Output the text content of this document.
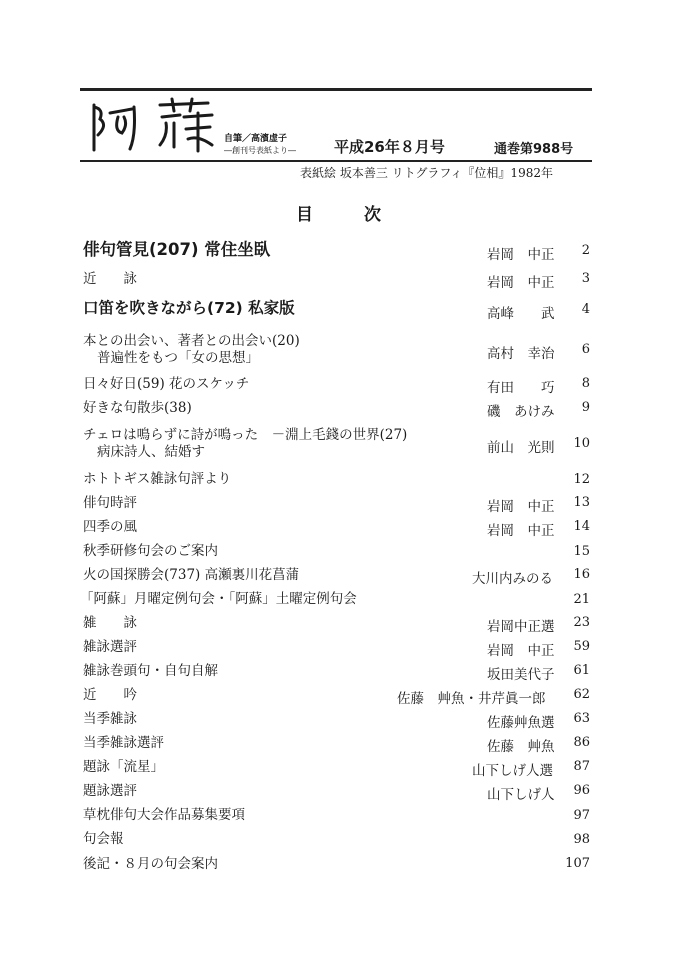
自筆／高濱虚子
―創刊号表紙より―	平成26年８月号	通巻第988号
表紙絵 坂本善三 リトグラフィ『位相』1982年
目　　　次
俳句管見(207) 常住坐臥	岩岡　中正	2
近　　詠	岩岡　中正	3
口笛を吹きながら(72) 私家版	高峰　　武	4
本との出会い、著者との出会い(20)
普遍性をもつ「女の思想」	高村　幸治	6
日々好日(59) 花のスケッチ	有田　　巧	8
好きな句散歩(38)	磯　あけみ	9
チェロは鳴らずに詩が鳴った　－淵上毛錢の世界(27)
病床詩人、結婚す	前山　光則	10
ホトトギス雑詠句評より	12
俳句時評	岩岡　中正	13
四季の風	岩岡　中正	14
秋季研修句会のご案内	15
火の国探勝会(737) 高瀬裏川花菖蒲	大川内みのる	16
「阿蘇」月曜定例句会・「阿蘇」土曜定例句会	21
雑　　詠	岩岡中正選	23
雑詠選評	岩岡　中正	59
雑詠巻頭句・自句自解	坂田美代子	61
近　　吟	佐藤　艸魚・井芹眞一郎	62
当季雑詠	佐藤艸魚選	63
当季雑詠選評	佐藤　艸魚	86
題詠「流星」	山下しげ人選	87
題詠選評	山下しげ人	96
草枕俳句大会作品募集要項	97
句会報	98
後記・８月の句会案内	107
